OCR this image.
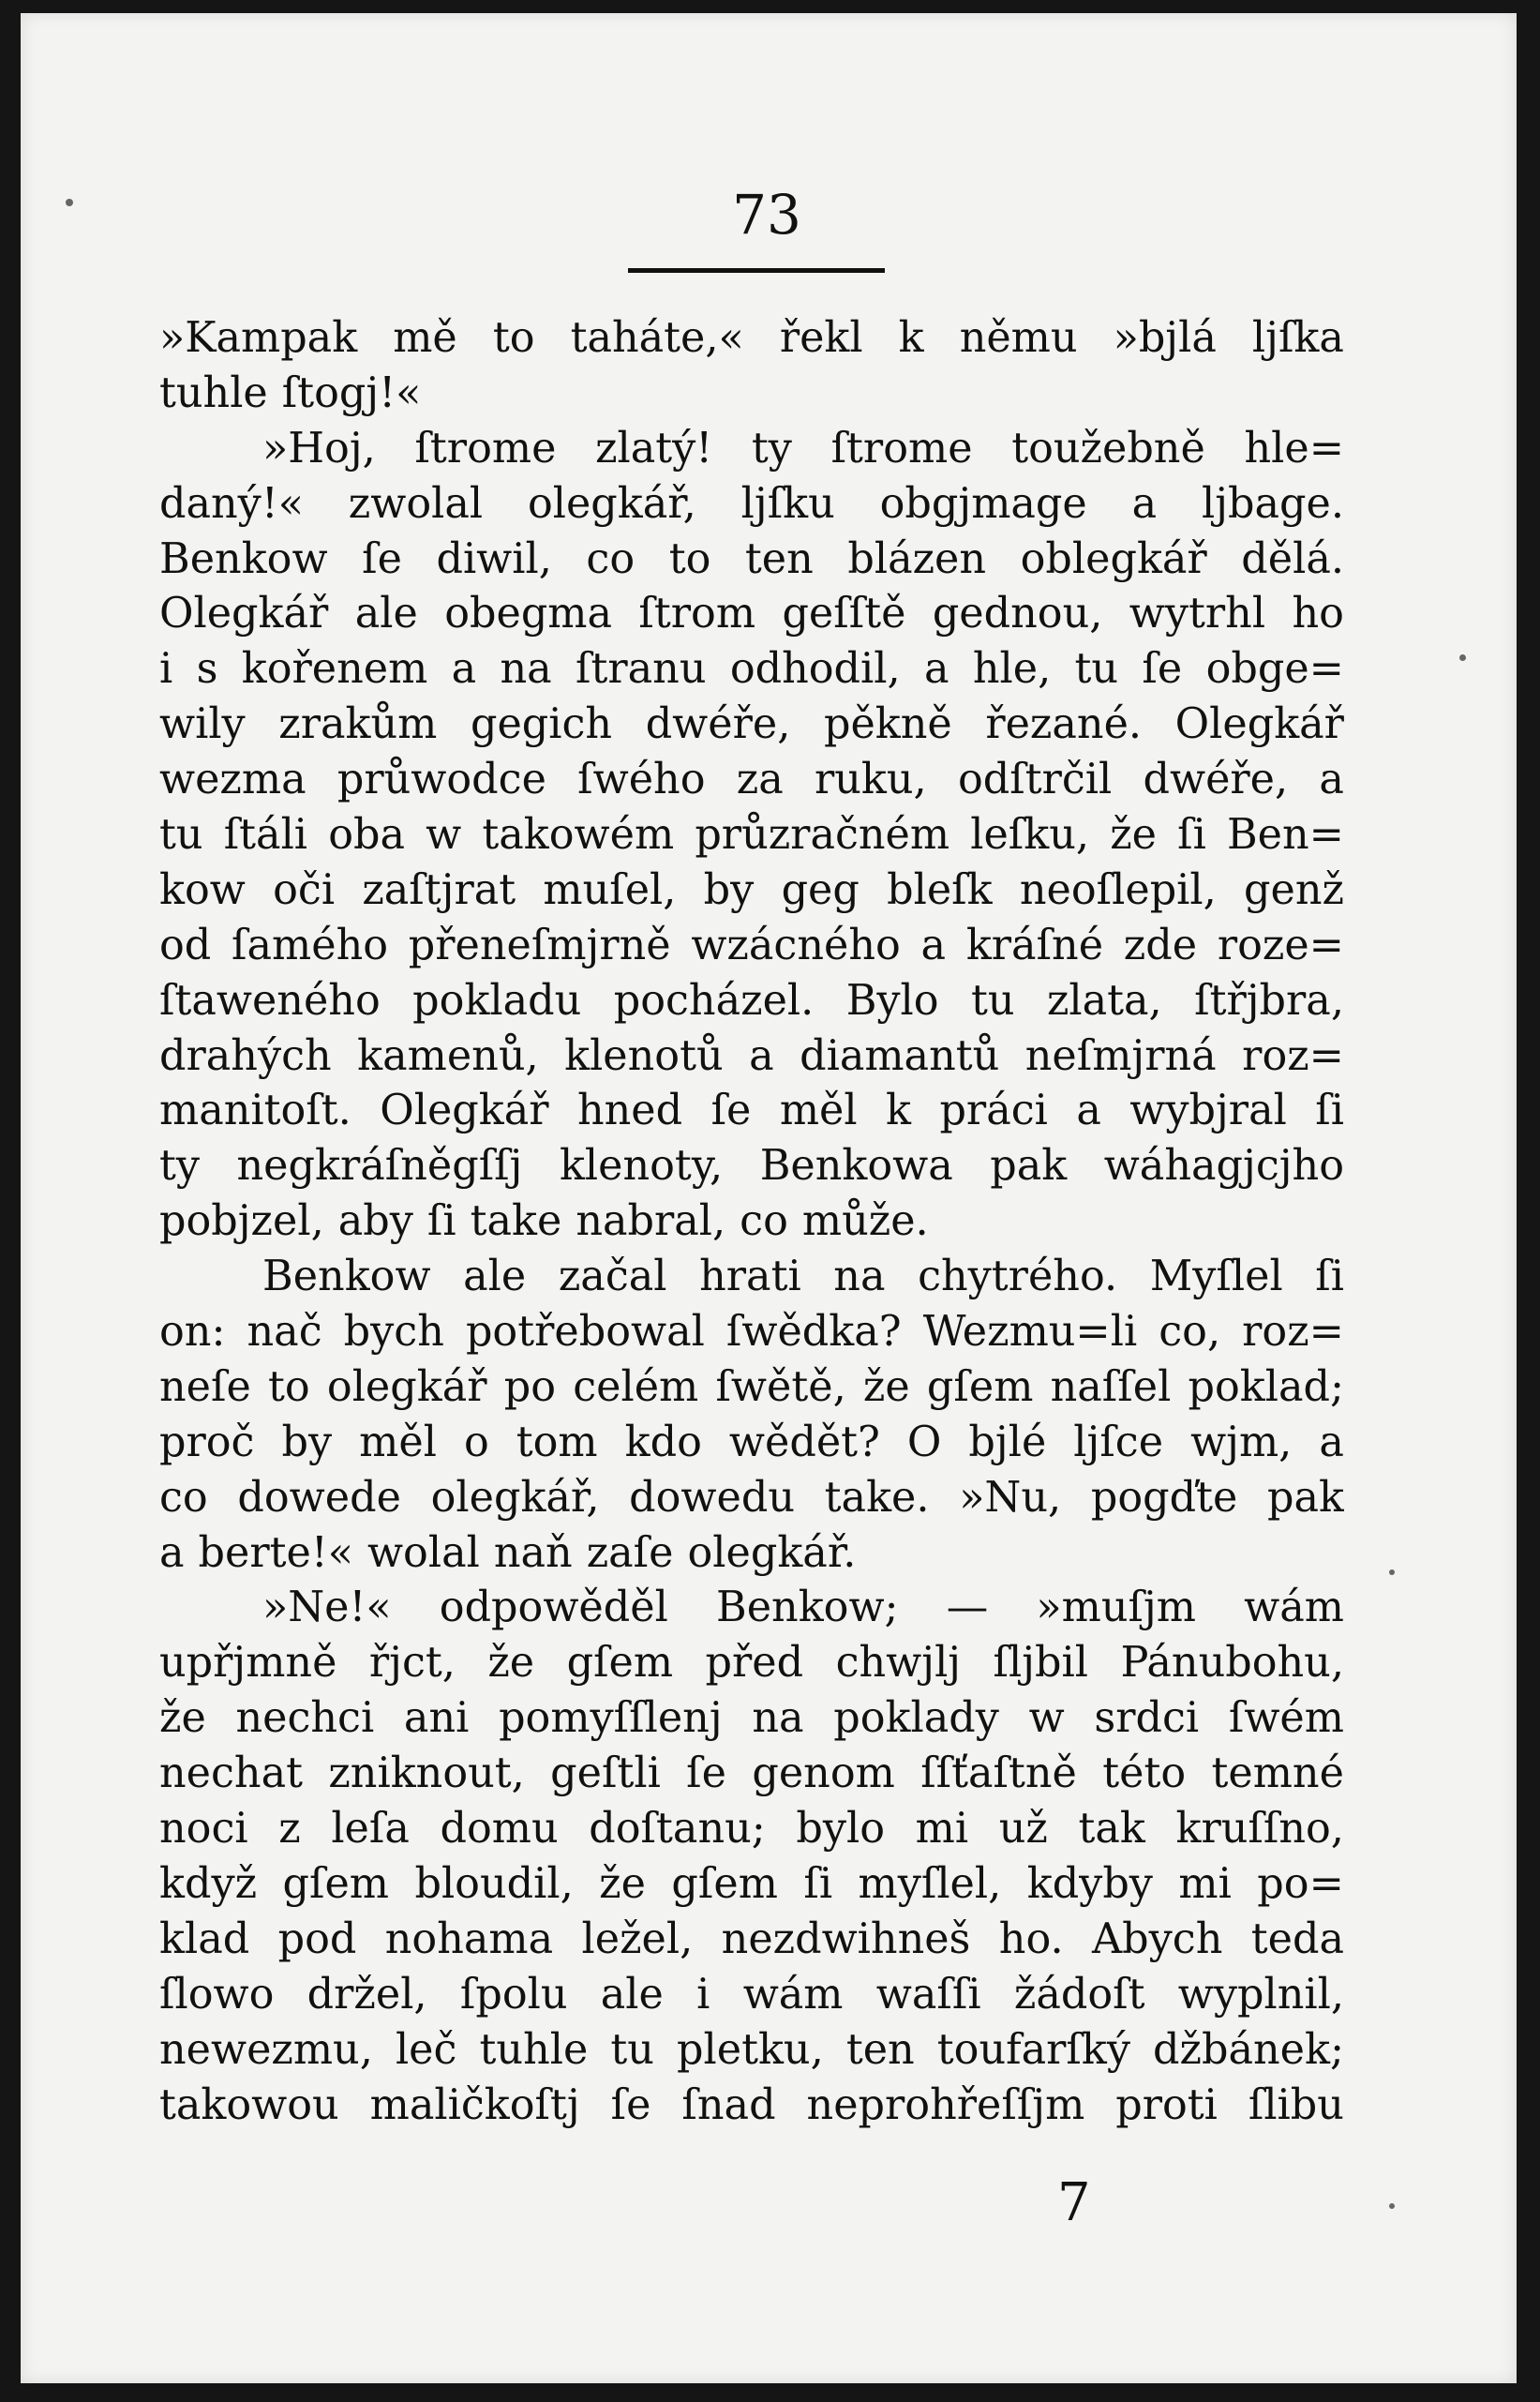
73
»Kampak mě to taháte,« řekl k němu »bjlá ljſka
tuhle ſtogj!«
»Hoj, ſtrome zlatý! ty ſtrome toužebně hle=
daný!« zwolal olegkář, ljſku obgjmage a ljbage.
Benkow ſe diwil, co to ten blázen oblegkář dělá.
Olegkář ale obegma ſtrom geſſtě gednou, wytrhl ho
i s kořenem a na ſtranu odhodil, a hle, tu ſe obge=
wily zrakům gegich dwéře, pěkně řezané. Olegkář
wezma průwodce ſwého za ruku, odſtrčil dwéře, a
tu ſtáli oba w takowém průzračném leſku, že ſi Ben=
kow oči zaſtjrat muſel, by geg bleſk neoſlepil, genž
od ſamého přeneſmjrně wzácného a kráſné zde roze=
ſtaweného pokladu pocházel. Bylo tu zlata, ſtřjbra,
drahých kamenů, klenotů a diamantů neſmjrná roz=
manitoſt. Olegkář hned ſe měl k práci a wybjral ſi
ty negkráſněgſſj klenoty, Benkowa pak wáhagjcjho
pobjzel, aby ſi take nabral, co může.
Benkow ale začal hrati na chytrého. Myſlel ſi
on: nač bych potřebowal ſwědka? Wezmu=li co, roz=
neſe to olegkář po celém ſwětě, že gſem naſſel poklad;
proč by měl o tom kdo wědět? O bjlé ljſce wjm, a
co dowede olegkář, dowedu take. »Nu, pogďte pak
a berte!« wolal naň zaſe olegkář.
»Ne!« odpowěděl Benkow; — »muſjm wám
upřjmně řjct, že gſem před chwjlj ſljbil Pánubohu,
že nechci ani pomyſſlenj na poklady w srdci ſwém
nechat zniknout, geſtli ſe genom ſſťaſtně této temné
noci z leſa domu doſtanu; bylo mi už tak kruſſno,
když gſem bloudil, že gſem ſi myſlel, kdyby mi po=
klad pod nohama ležel, nezdwihneš ho. Abych teda
ſlowo držel, ſpolu ale i wám waſſi žádoſt wyplnil,
newezmu, leč tuhle tu pletku, ten toufarſký džbánek;
takowou maličkoſtj ſe ſnad neprohřeſſjm proti ſlibu
7
